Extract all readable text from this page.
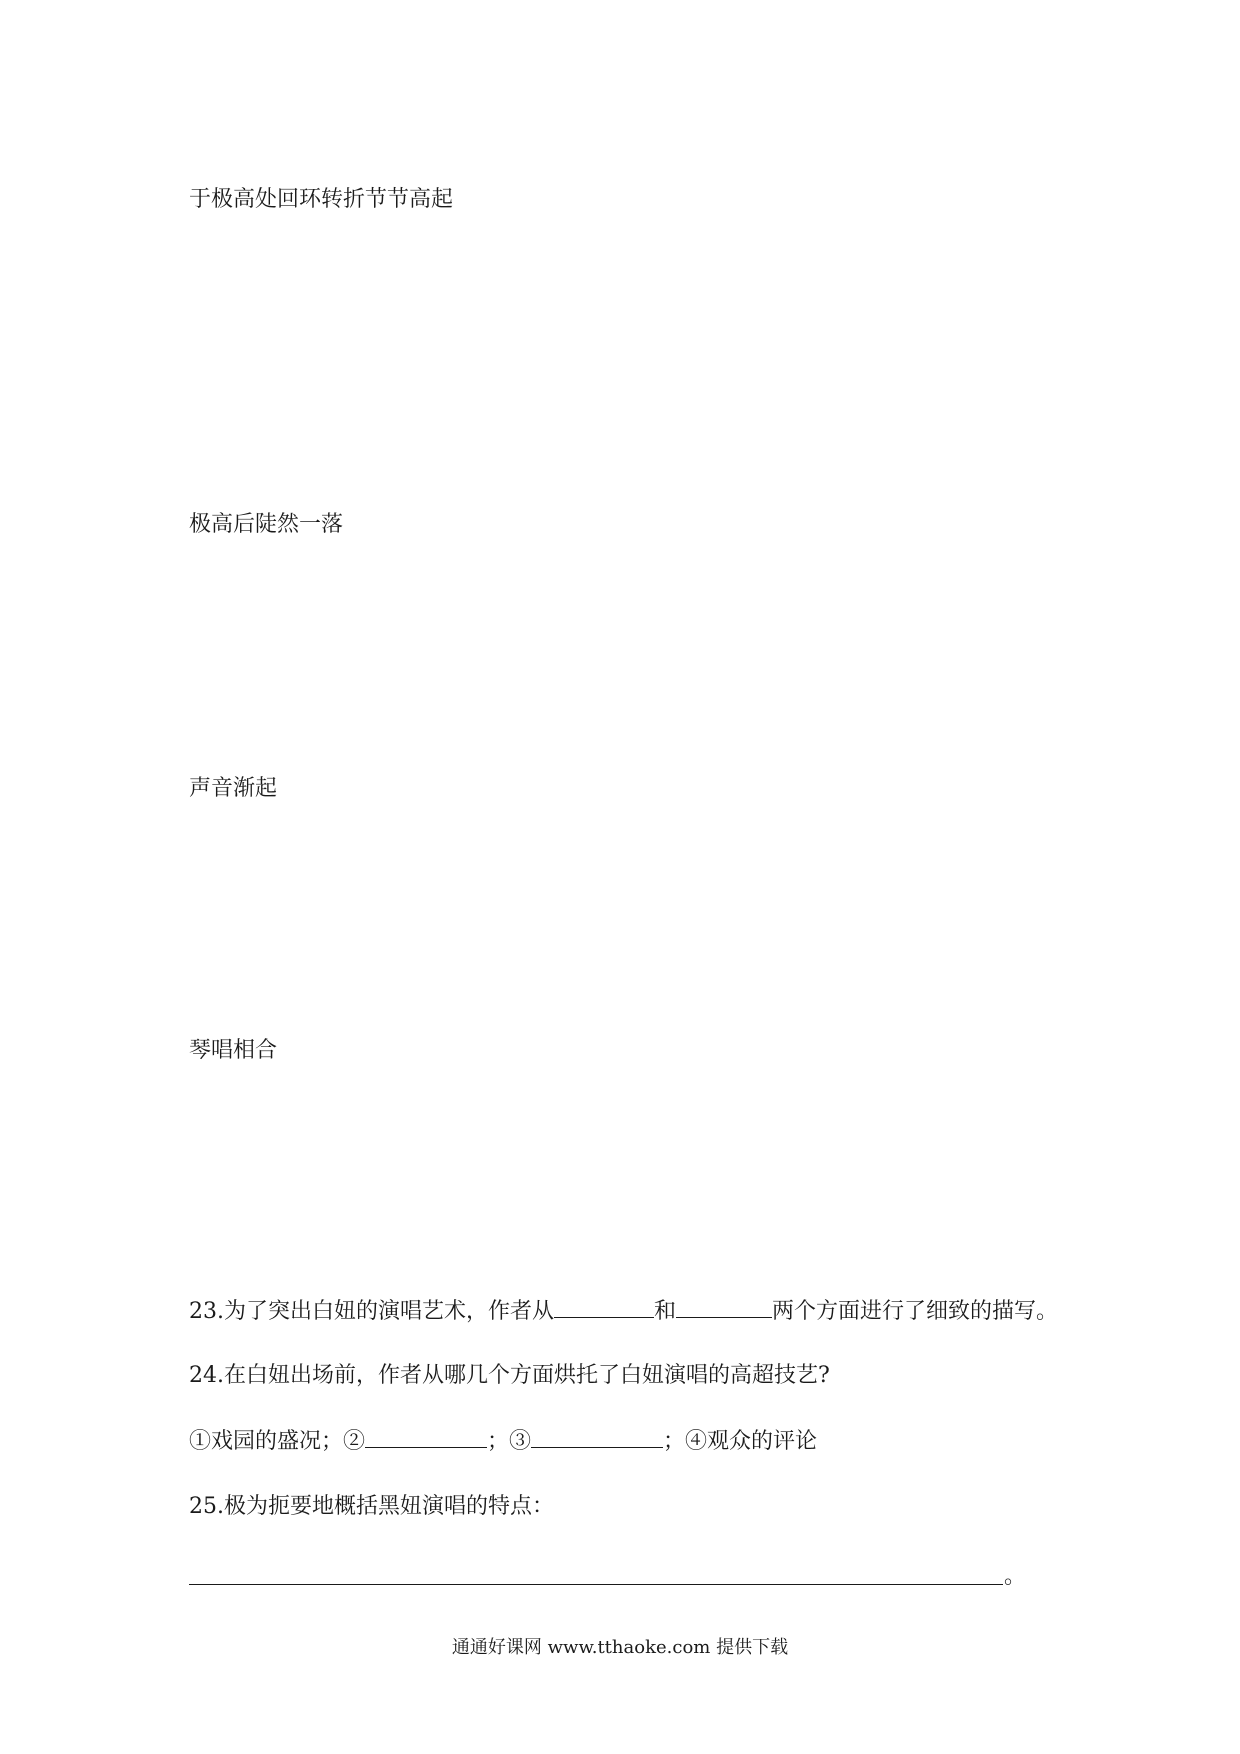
于极高处回环转折节节高起
极高后陡然一落
声音渐起
琴唱相合
23.为了突出白妞的演唱艺术，作者从	和	两个方面进行了细致的描写。
24.在白妞出场前，作者从哪几个方面烘托了白妞演唱的高超技艺?
①戏园的盛况；②	；③	；④观众的评论
25.极为扼要地概括黑妞演唱的特点：
。
通通好课网 www.tthaoke.com 提供下载
